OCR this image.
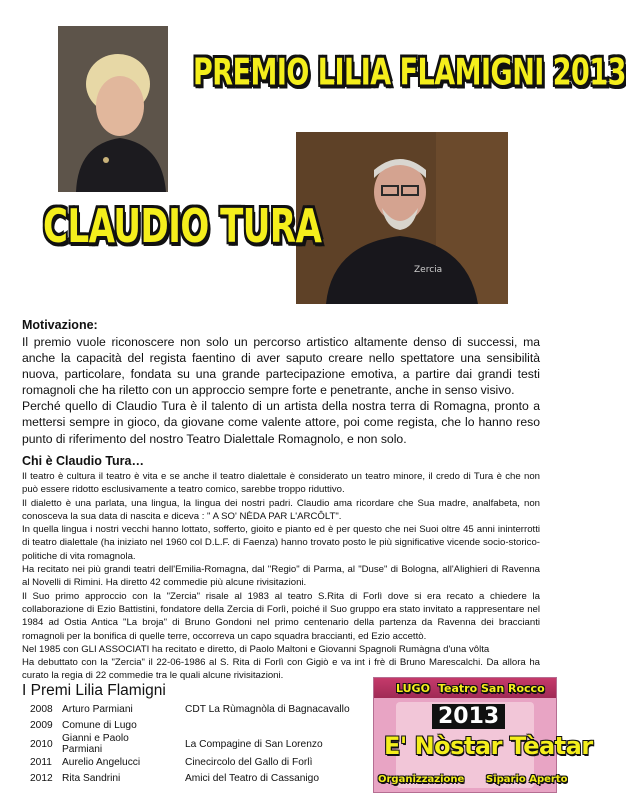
Zercia
PREMIO LILIA FLAMIGNI 2013
CLAUDIO TURA
Motivazione:

Il premio vuole riconoscere non solo un percorso artistico altamente denso di successi, ma anche la capacità del regista faentino di aver saputo creare nello spettatore una sensibilità nuova, particolare, fondata su una grande partecipazione emotiva, a partire dai grandi testi romagnoli che ha riletto con un approccio sempre forte e penetrante, anche in senso visivo.

Perché quello di Claudio Tura è il talento di un artista della nostra terra di Romagna, pronto a mettersi sempre in gioco, da giovane come valente attore, poi come regista, che lo hanno reso punto di riferimento del nostro Teatro Dialettale Romagnolo, e non solo.

Chi è Claudio Tura…

Il teatro è cultura il teatro è vita e se anche il teatro dialettale è considerato un teatro minore, il credo di Tura è che non può essere ridotto esclusivamente a teatro comico, sarebbe troppo riduttivo.

Il dialetto è una parlata, una lingua, la lingua dei nostri padri. Claudio ama ricordare che Sua madre, analfabeta, non conosceva la sua data di nascita e diceva : " A SO' NÈDA PAR L'ARCÔLT".

In quella lingua i nostri vecchi hanno lottato, sofferto, gioito e pianto ed è per questo che nei Suoi oltre 45 anni ininterrotti di teatro dialettale (ha iniziato nel 1960 col D.L.F. di Faenza) hanno trovato posto le più significative vicende socio-storico-politiche di vita romagnola.

Ha recitato nei più grandi teatri dell'Emilia-Romagna, dal "Regio" di Parma, al "Duse" di Bologna, all'Alighieri di Ravenna al Novelli di Rimini. Ha diretto 42 commedie più alcune rivisitazioni.

Il Suo primo approccio con la "Zercia" risale al 1983 al teatro S.Rita di Forlì dove si era recato a chiedere la collaborazione di Ezio Battistini, fondatore della Zercia di Forlì, poiché il Suo gruppo era stato invitato a rappresentare nel 1984 ad Ostia Antica "La broja" di Bruno Gondoni nel primo centenario della partenza da Ravenna dei braccianti romagnoli per la bonifica di quelle terre, occorreva un capo squadra braccianti, ed Ezio accettò.

Nel 1985 con GLI ASSOCIATI ha recitato e diretto, di Paolo Maltoni e Giovanni Spagnoli Rumàgna d'una vôlta

Ha debuttato con la "Zercia" il 22-06-1986 al S. Rita di Forlì con Gigiò e va int i frè di Bruno Marescalchi. Da allora ha curato la regia di 22 commedie tra le quali alcune rivisitazioni.

I Premi Lilia Flamigni
2008	Arturo Parmiani	CDT La Rùmagnòla di Bagnacavallo
2009	Comune di Lugo	
2010	Gianni e Paolo Parmiani	La Compagine di San Lorenzo
2011	Aurelio Angelucci	Cinecircolo del Gallo di Forlì
2012	Rita Sandrini	Amici del Teatro di Cassanigo
LUGO Teatro San Rocco
2013
E' Nòstar Tèatar
Organizzazione Sipario Aperto
